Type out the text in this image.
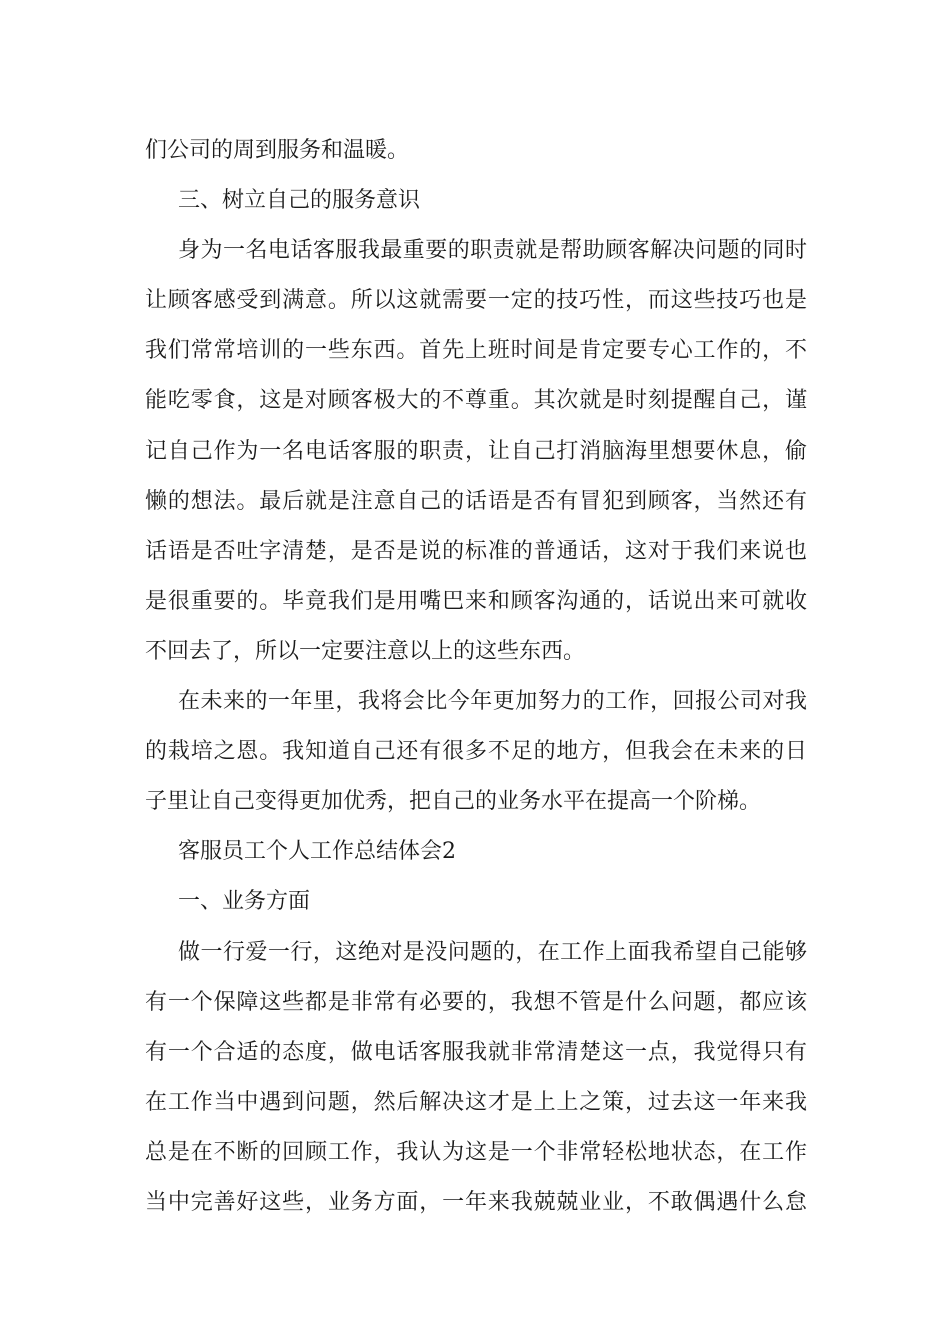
们公司的周到服务和温暖。
三、树立自己的服务意识
身为一名电话客服我最重要的职责就是帮助顾客解决问题的同时
让顾客感受到满意。所以这就需要一定的技巧性，而这些技巧也是
我们常常培训的一些东西。首先上班时间是肯定要专心工作的，不
能吃零食，这是对顾客极大的不尊重。其次就是时刻提醒自己，谨
记自己作为一名电话客服的职责，让自己打消脑海里想要休息，偷
懒的想法。最后就是注意自己的话语是否有冒犯到顾客，当然还有
话语是否吐字清楚，是否是说的标准的普通话，这对于我们来说也
是很重要的。毕竟我们是用嘴巴来和顾客沟通的，话说出来可就收
不回去了，所以一定要注意以上的这些东西。
在未来的一年里，我将会比今年更加努力的工作，回报公司对我
的栽培之恩。我知道自己还有很多不足的地方，但我会在未来的日
子里让自己变得更加优秀，把自己的业务水平在提高一个阶梯。
客服员工个人工作总结体会2
一、业务方面
做一行爱一行，这绝对是没问题的，在工作上面我希望自己能够
有一个保障这些都是非常有必要的，我想不管是什么问题，都应该
有一个合适的态度，做电话客服我就非常清楚这一点，我觉得只有
在工作当中遇到问题，然后解决这才是上上之策，过去这一年来我
总是在不断的回顾工作，我认为这是一个非常轻松地状态，在工作
当中完善好这些，业务方面，一年来我兢兢业业，不敢偶遇什么怠
